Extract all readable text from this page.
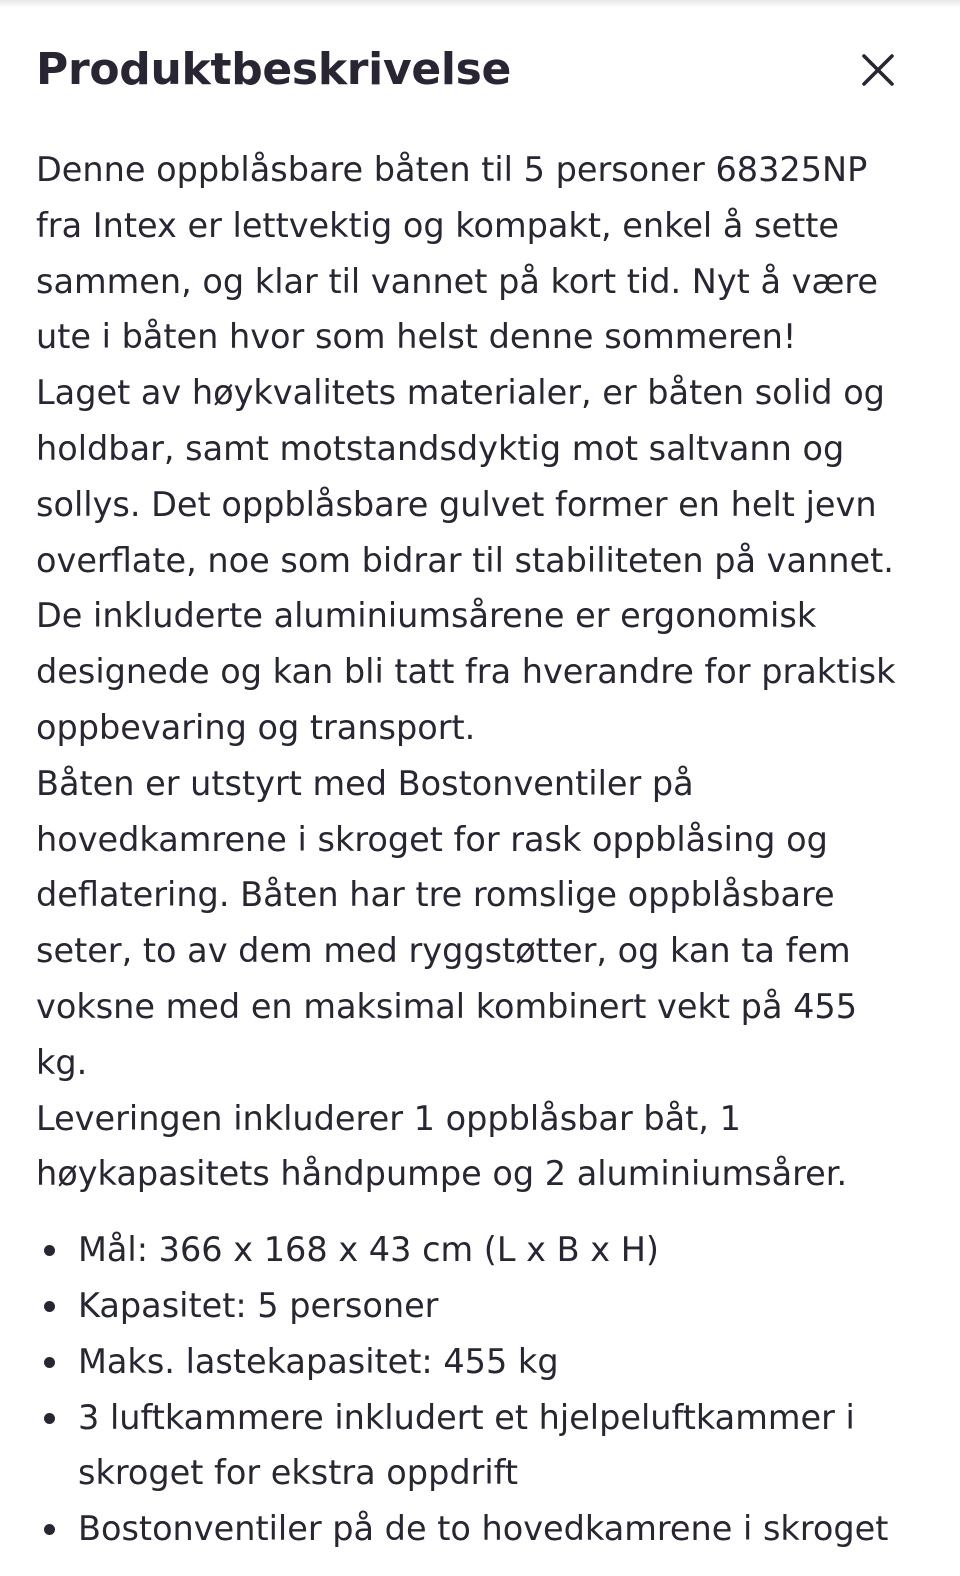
Produktbeskrivelse

Denne oppblåsbare båten til 5 personer 68325NP

fra Intex er lettvektig og kompakt, enkel å sette

sammen, og klar til vannet på kort tid. Nyt å være

ute i båten hvor som helst denne sommeren!

Laget av høykvalitets materialer, er båten solid og

holdbar, samt motstandsdyktig mot saltvann og

sollys. Det oppblåsbare gulvet former en helt jevn

overflate, noe som bidrar til stabiliteten på vannet.

De inkluderte aluminiumsårene er ergonomisk

designede og kan bli tatt fra hverandre for praktisk

oppbevaring og transport.

Båten er utstyrt med Bostonventiler på

hovedkamrene i skroget for rask oppblåsing og

deflatering. Båten har tre romslige oppblåsbare

seter, to av dem med ryggstøtter, og kan ta fem

voksne med en maksimal kombinert vekt på 455

kg.

Leveringen inkluderer 1 oppblåsbar båt, 1

høykapasitets håndpumpe og 2 aluminiumsårer.

Mål: 366 x 168 x 43 cm (L x B x H)
Kapasitet: 5 personer
Maks. lastekapasitet: 455 kg
3 luftkammere inkludert et hjelpeluftkammer i
skroget for ekstra oppdrift
Bostonventiler på de to hovedkamrene i skroget
